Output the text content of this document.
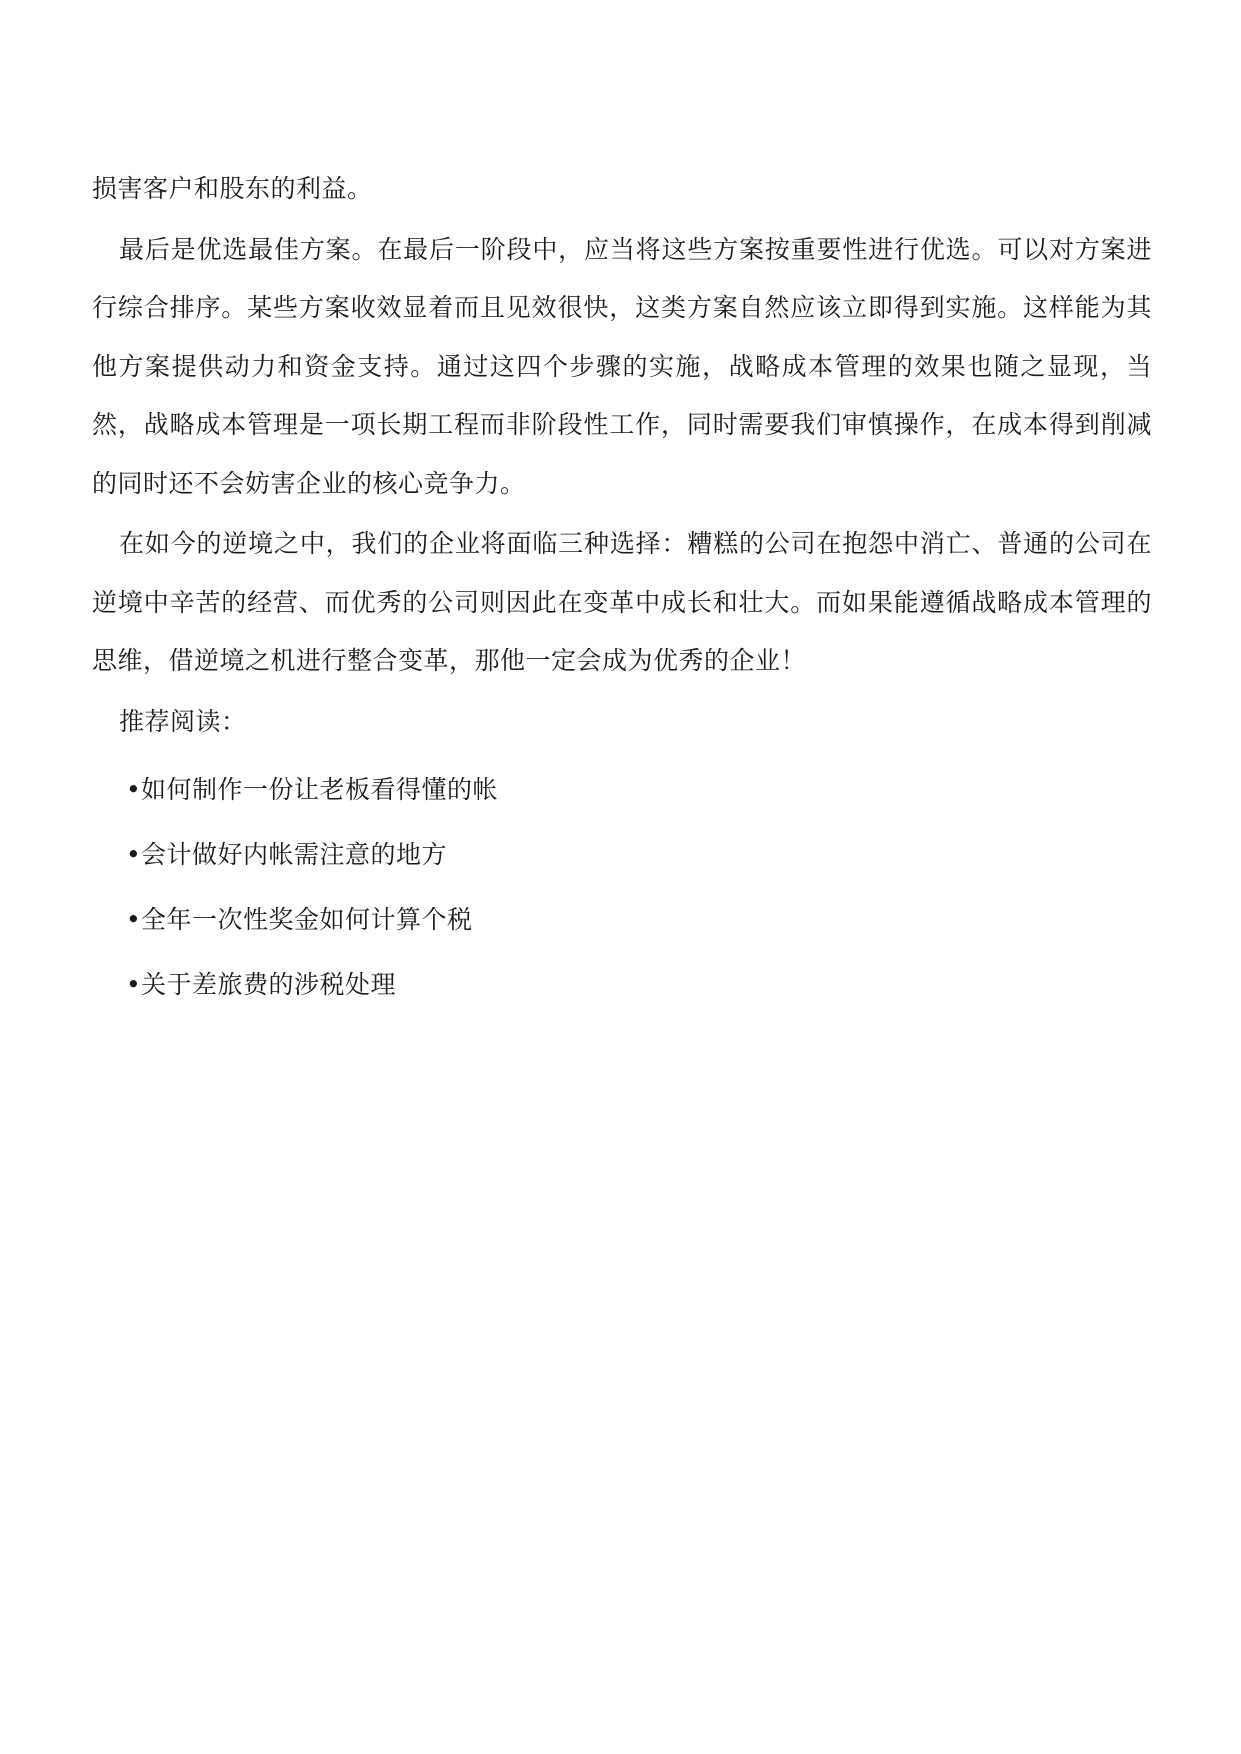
损害客户和股东的利益。

最后是优选最佳方案。在最后一阶段中，应当将这些方案按重要性进行优选。可以对方案进行综合排序。某些方案收效显着而且见效很快，这类方案自然应该立即得到实施。这样能为其他方案提供动力和资金支持。通过这四个步骤的实施，战略成本管理的效果也随之显现，当然，战略成本管理是一项长期工程而非阶段性工作，同时需要我们审慎操作，在成本得到削减的同时还不会妨害企业的核心竞争力。

在如今的逆境之中，我们的企业将面临三种选择：糟糕的公司在抱怨中消亡、普通的公司在逆境中辛苦的经营、而优秀的公司则因此在变革中成长和壮大。而如果能遵循战略成本管理的思维，借逆境之机进行整合变革，那他一定会成为优秀的企业！

推荐阅读：

• 如何制作一份让老板看得懂的帐
• 会计做好内帐需注意的地方
• 全年一次性奖金如何计算个税
• 关于差旅费的涉税处理
